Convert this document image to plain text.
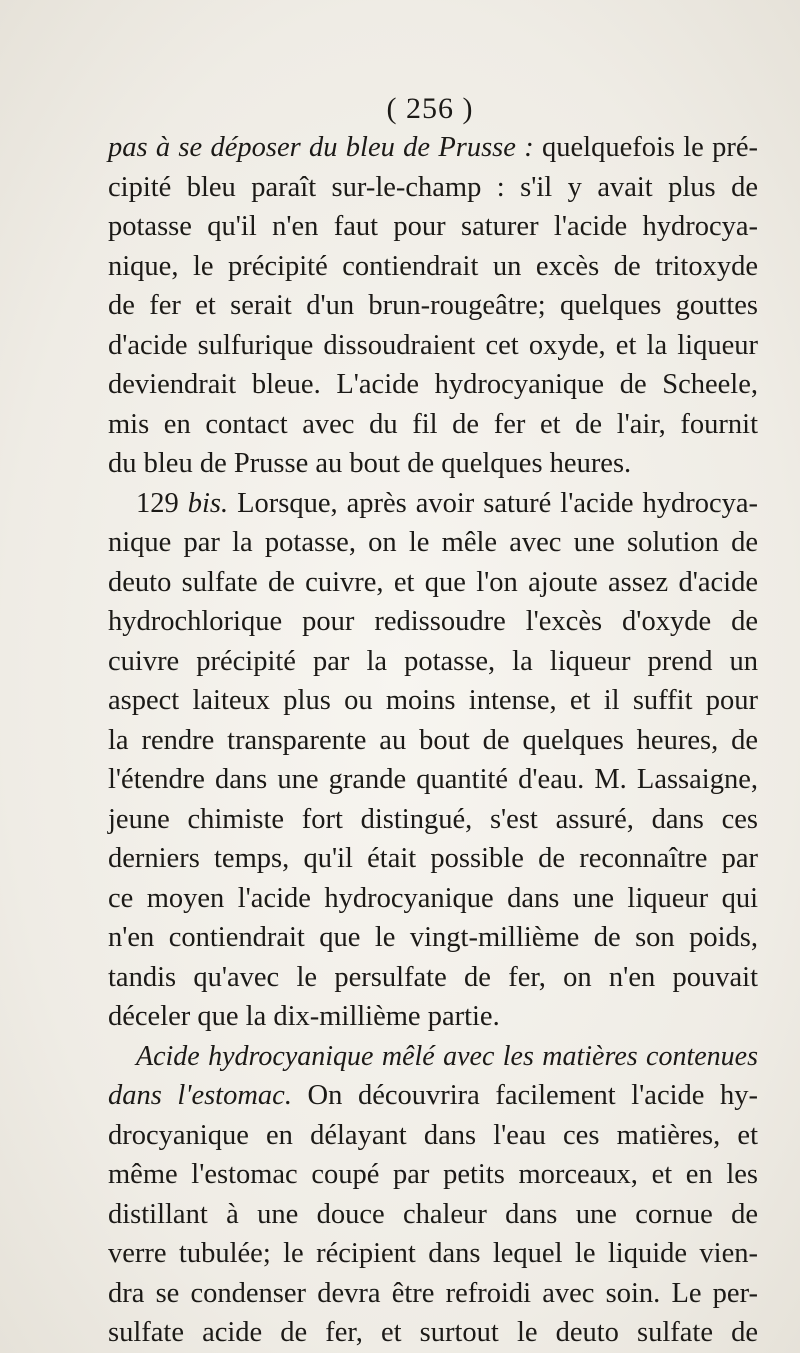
( 256 )
pas à se déposer du bleu de Prusse : quelquefois le pré-
cipité bleu paraît sur-le-champ : s'il y avait plus de
potasse qu'il n'en faut pour saturer l'acide hydrocya-
nique, le précipité contiendrait un excès de tritoxyde
de fer et serait d'un brun-rougeâtre; quelques gouttes
d'acide sulfurique dissoudraient cet oxyde, et la liqueur
deviendrait bleue. L'acide hydrocyanique de Scheele,
mis en contact avec du fil de fer et de l'air, fournit
du bleu de Prusse au bout de quelques heures.
129 bis. Lorsque, après avoir saturé l'acide hydrocya-
nique par la potasse, on le mêle avec une solution de
deuto sulfate de cuivre, et que l'on ajoute assez d'acide
hydrochlorique pour redissoudre l'excès d'oxyde de
cuivre précipité par la potasse, la liqueur prend un
aspect laiteux plus ou moins intense, et il suffit pour
la rendre transparente au bout de quelques heures, de
l'étendre dans une grande quantité d'eau. M. Lassaigne,
jeune chimiste fort distingué, s'est assuré, dans ces
derniers temps, qu'il était possible de reconnaître par
ce moyen l'acide hydrocyanique dans une liqueur qui
n'en contiendrait que le vingt-millième de son poids,
tandis qu'avec le persulfate de fer, on n'en pouvait
déceler que la dix-millième partie.
Acide hydrocyanique mêlé avec les matières contenues
dans l'estomac. On découvrira facilement l'acide hy-
drocyanique en délayant dans l'eau ces matières, et
même l'estomac coupé par petits morceaux, et en les
distillant à une douce chaleur dans une cornue de
verre tubulée; le récipient dans lequel le liquide vien-
dra se condenser devra être refroidi avec soin. Le per-
sulfate acide de fer, et surtout le deuto sulfate de
